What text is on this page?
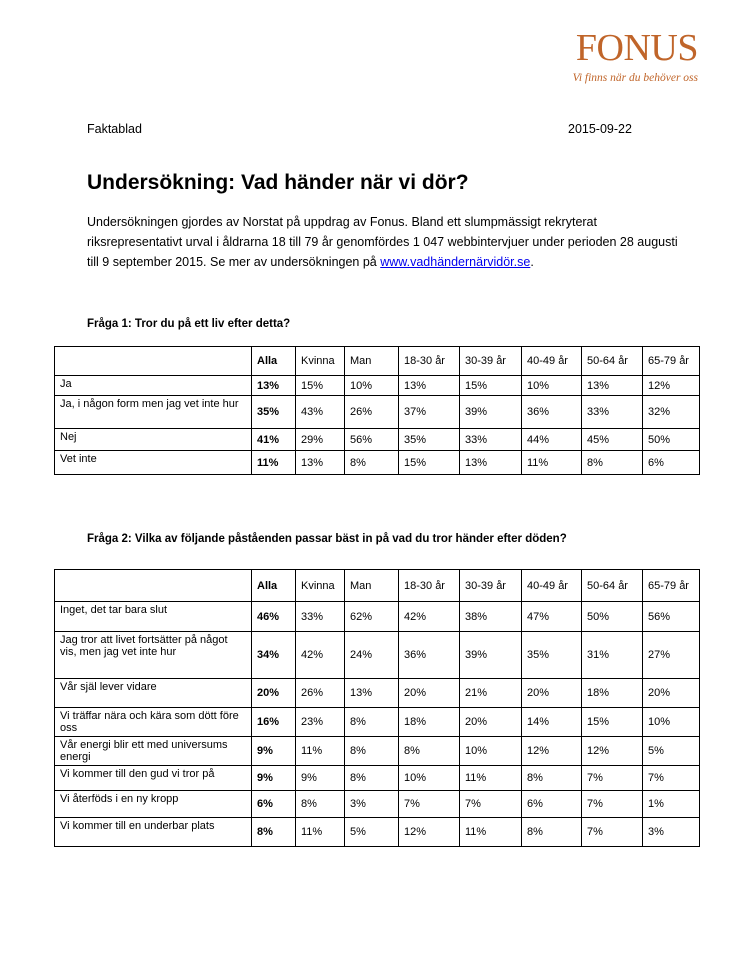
FONUS
Vi finns när du behöver oss
Faktablad	2015-09-22
Undersökning: Vad händer när vi dör?

Undersökningen gjordes av Norstat på uppdrag av Fonus. Bland ett slumpmässigt rekryterat riksrepresentativt urval i åldrarna 18 till 79 år genomfördes 1 047 webbintervjuer under perioden 28 augusti till 9 september 2015. Se mer av undersökningen på www.vadhändernärvidör.se.

Fråga 1: Tror du på ett liv efter detta?
	Alla	Kvinna	Man	18-30 år	30-39 år	40-49 år	50-64 år	65-79 år
Ja	13%	15%	10%	13%	15%	10%	13%	12%
Ja, i någon form men jag vet inte hur	35%	43%	26%	37%	39%	36%	33%	32%
Nej	41%	29%	56%	35%	33%	44%	45%	50%
Vet inte	11%	13%	8%	15%	13%	11%	8%	6%
Fråga 2: Vilka av följande påståenden passar bäst in på vad du tror händer efter döden?
	Alla	Kvinna	Man	18-30 år	30-39 år	40-49 år	50-64 år	65-79 år
Inget, det tar bara slut	46%	33%	62%	42%	38%	47%	50%	56%
Jag tror att livet fortsätter på något vis, men jag vet inte hur	34%	42%	24%	36%	39%	35%	31%	27%
Vår själ lever vidare	20%	26%	13%	20%	21%	20%	18%	20%
Vi träffar nära och kära som dött före oss	16%	23%	8%	18%	20%	14%	15%	10%
Vår energi blir ett med universums energi	9%	11%	8%	8%	10%	12%	12%	5%
Vi kommer till den gud vi tror på	9%	9%	8%	10%	11%	8%	7%	7%
Vi återföds i en ny kropp	6%	8%	3%	7%	7%	6%	7%	1%
Vi kommer till en underbar plats	8%	11%	5%	12%	11%	8%	7%	3%
